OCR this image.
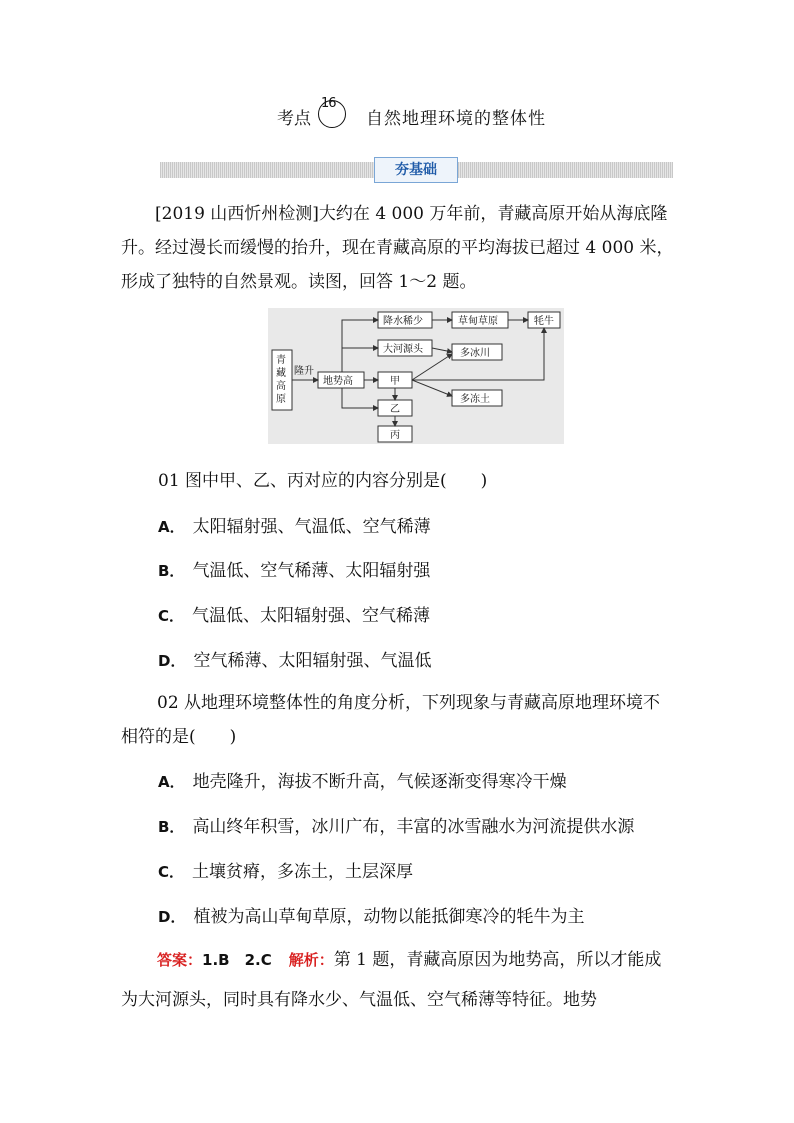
考点
16
自然地理环境的整体性
夯基础
[2019 山西忻州检测]大约在 4 000 万年前，青藏高原开始从海底隆升。经过漫长而缓慢的抬升，现在青藏高原的平均海拔已超过 4 000 米，形成了独特的自然景观。读图，回答 1～2 题。
青
藏
高
原
隆升
地势高
降水稀少	草甸草原	牦牛
大河源头	多冰川
甲
多冻土
乙
丙
01 图中甲、乙、丙对应的内容分别是(　　)
A． 太阳辐射强、气温低、空气稀薄
B． 气温低、空气稀薄、太阳辐射强
C． 气温低、太阳辐射强、空气稀薄
D． 空气稀薄、太阳辐射强、气温低
02 从地理环境整体性的角度分析，下列现象与青藏高原地理环境不相符的是(　　)
A． 地壳隆升，海拔不断升高，气候逐渐变得寒冷干燥
B． 高山终年积雪，冰川广布，丰富的冰雪融水为河流提供水源
C． 土壤贫瘠，多冻土，土层深厚
D． 植被为高山草甸草原，动物以能抵御寒冷的牦牛为主
答案：1.B　2.C　 解析：第 1 题，青藏高原因为地势高，所以才能成为大河源头，同时具有降水少、气温低、空气稀薄等特征。地势
